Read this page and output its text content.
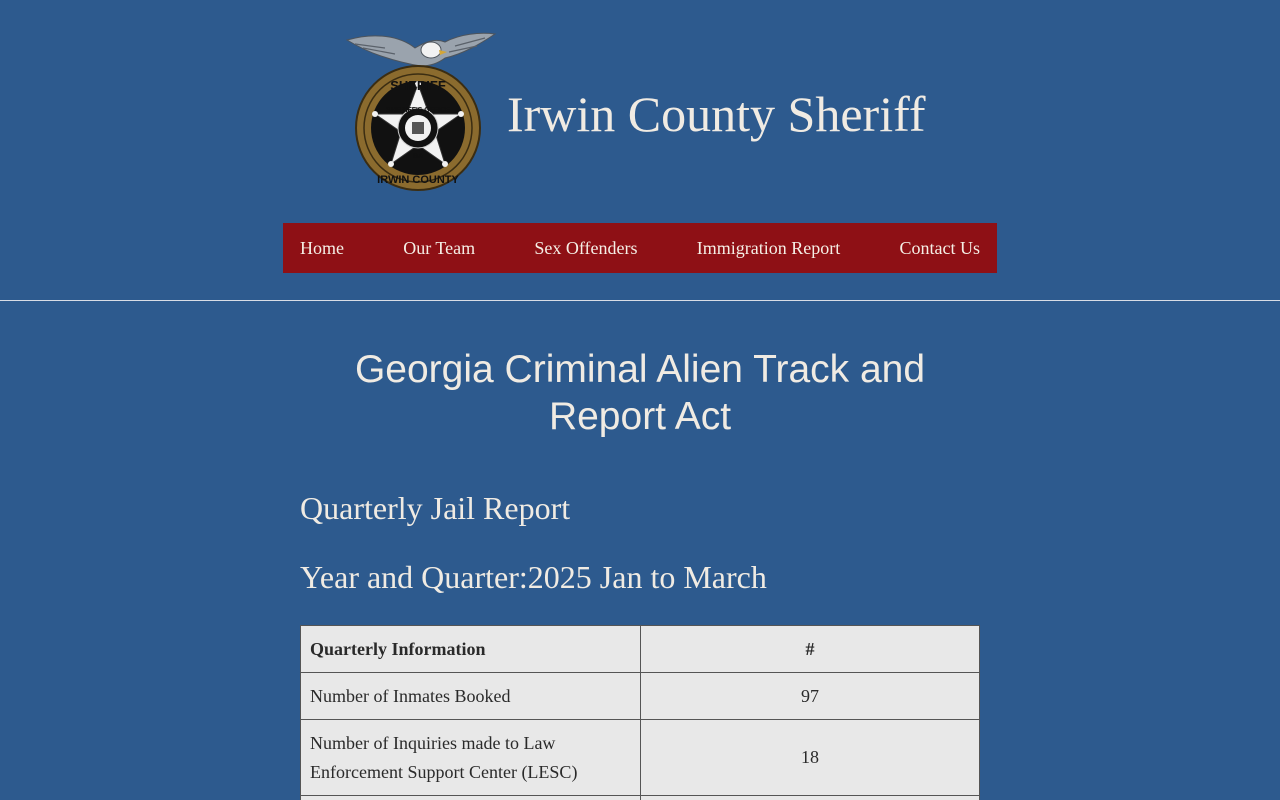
SHERIFF
SHERIFF'S OFFICE
GA
IRWIN COUNTY
Irwin County Sheriff
Home	Our Team	Sex Offenders	Immigration Report	Contact Us
Georgia Criminal Alien Track and Report Act
Quarterly Jail Report
Year and Quarter:2025 Jan to March
Quarterly Information	#
Number of Inmates Booked	97
Number of Inquiries made to Law Enforcement Support Center (LESC)	18
